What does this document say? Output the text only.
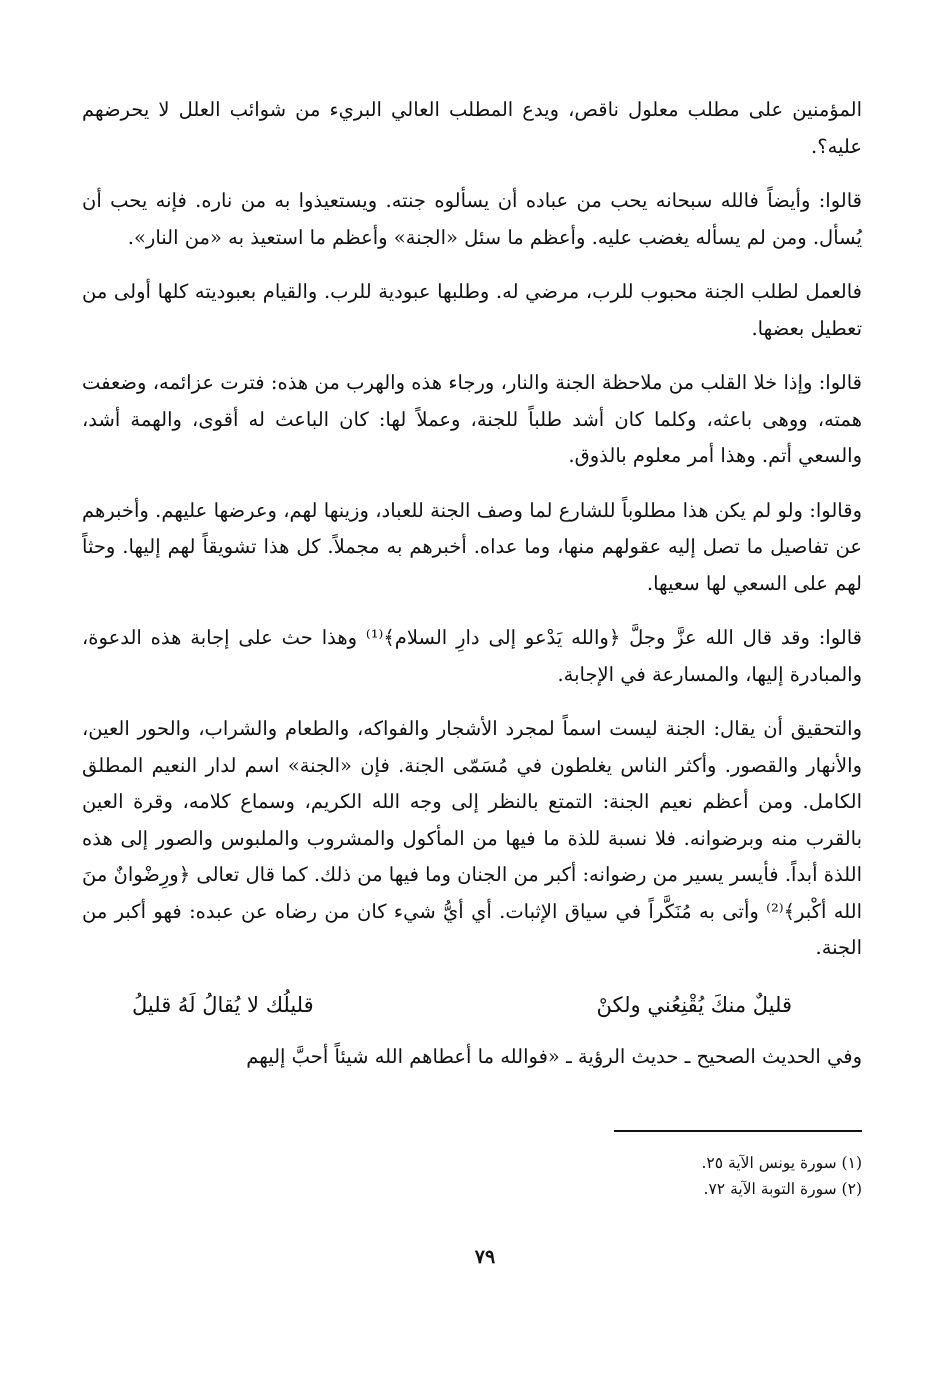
المؤمنين على مطلب معلول ناقص، ويدع المطلب العالي البريء من شوائب العلل لا يحرضهم عليه؟.

قالوا: وأيضاً فالله سبحانه يحب من عباده أن يسألوه جنته. ويستعيذوا به من ناره. فإنه يحب أن يُسأل. ومن لم يسأله يغضب عليه. وأعظم ما سئل «الجنة» وأعظم ما استعيذ به «من النار».

فالعمل لطلب الجنة محبوب للرب، مرضي له. وطلبها عبودية للرب. والقيام بعبوديته كلها أولى من تعطيل بعضها.

قالوا: وإذا خلا القلب من ملاحظة الجنة والنار، ورجاء هذه والهرب من هذه: فترت عزائمه، وضعفت همته، ووهى باعثه، وكلما كان أشد طلباً للجنة، وعملاً لها: كان الباعث له أقوى، والهمة أشد، والسعي أتم. وهذا أمر معلوم بالذوق.

وقالوا: ولو لم يكن هذا مطلوباً للشارع لما وصف الجنة للعباد، وزينها لهم، وعرضها عليهم. وأخبرهم عن تفاصيل ما تصل إليه عقولهم منها، وما عداه. أخبرهم به مجملاً. كل هذا تشويقاً لهم إليها. وحثاً لهم على السعي لها سعيها.

قالوا: وقد قال الله عزَّ وجلَّ ﴿والله يَدْعو إلى دارِ السلام﴾⁽¹⁾ وهذا حث على إجابة هذه الدعوة، والمبادرة إليها، والمسارعة في الإجابة.

والتحقيق أن يقال: الجنة ليست اسماً لمجرد الأشجار والفواكه، والطعام والشراب، والحور العين، والأنهار والقصور. وأكثر الناس يغلطون في مُسَمّى الجنة. فإن «الجنة» اسم لدار النعيم المطلق الكامل. ومن أعظم نعيم الجنة: التمتع بالنظر إلى وجه الله الكريم، وسماع كلامه، وقرة العين بالقرب منه وبرضوانه. فلا نسبة للذة ما فيها من المأكول والمشروب والملبوس والصور إلى هذه اللذة أبداً. فأيسر يسير من رضوانه: أكبر من الجنان وما فيها من ذلك. كما قال تعالى ﴿ورِضْوانٌ منَ الله أكْبر﴾⁽²⁾ وأتى به مُنَكَّراً في سياق الإثبات. أي أيُّ شيء كان من رضاه عن عبده: فهو أكبر من الجنة.

قليلٌ منكَ يُقْنِعُني ولكنْ
قليلُك لا يُقالُ لَهُ قليلُ

وفي الحديث الصحيح ـ حديث الرؤية ـ «فوالله ما أعطاهم الله شيئاً أحبَّ إليهم

(١) سورة يونس الآية ٢٥.

(٢) سورة التوبة الآية ٧٢.

٧٩
